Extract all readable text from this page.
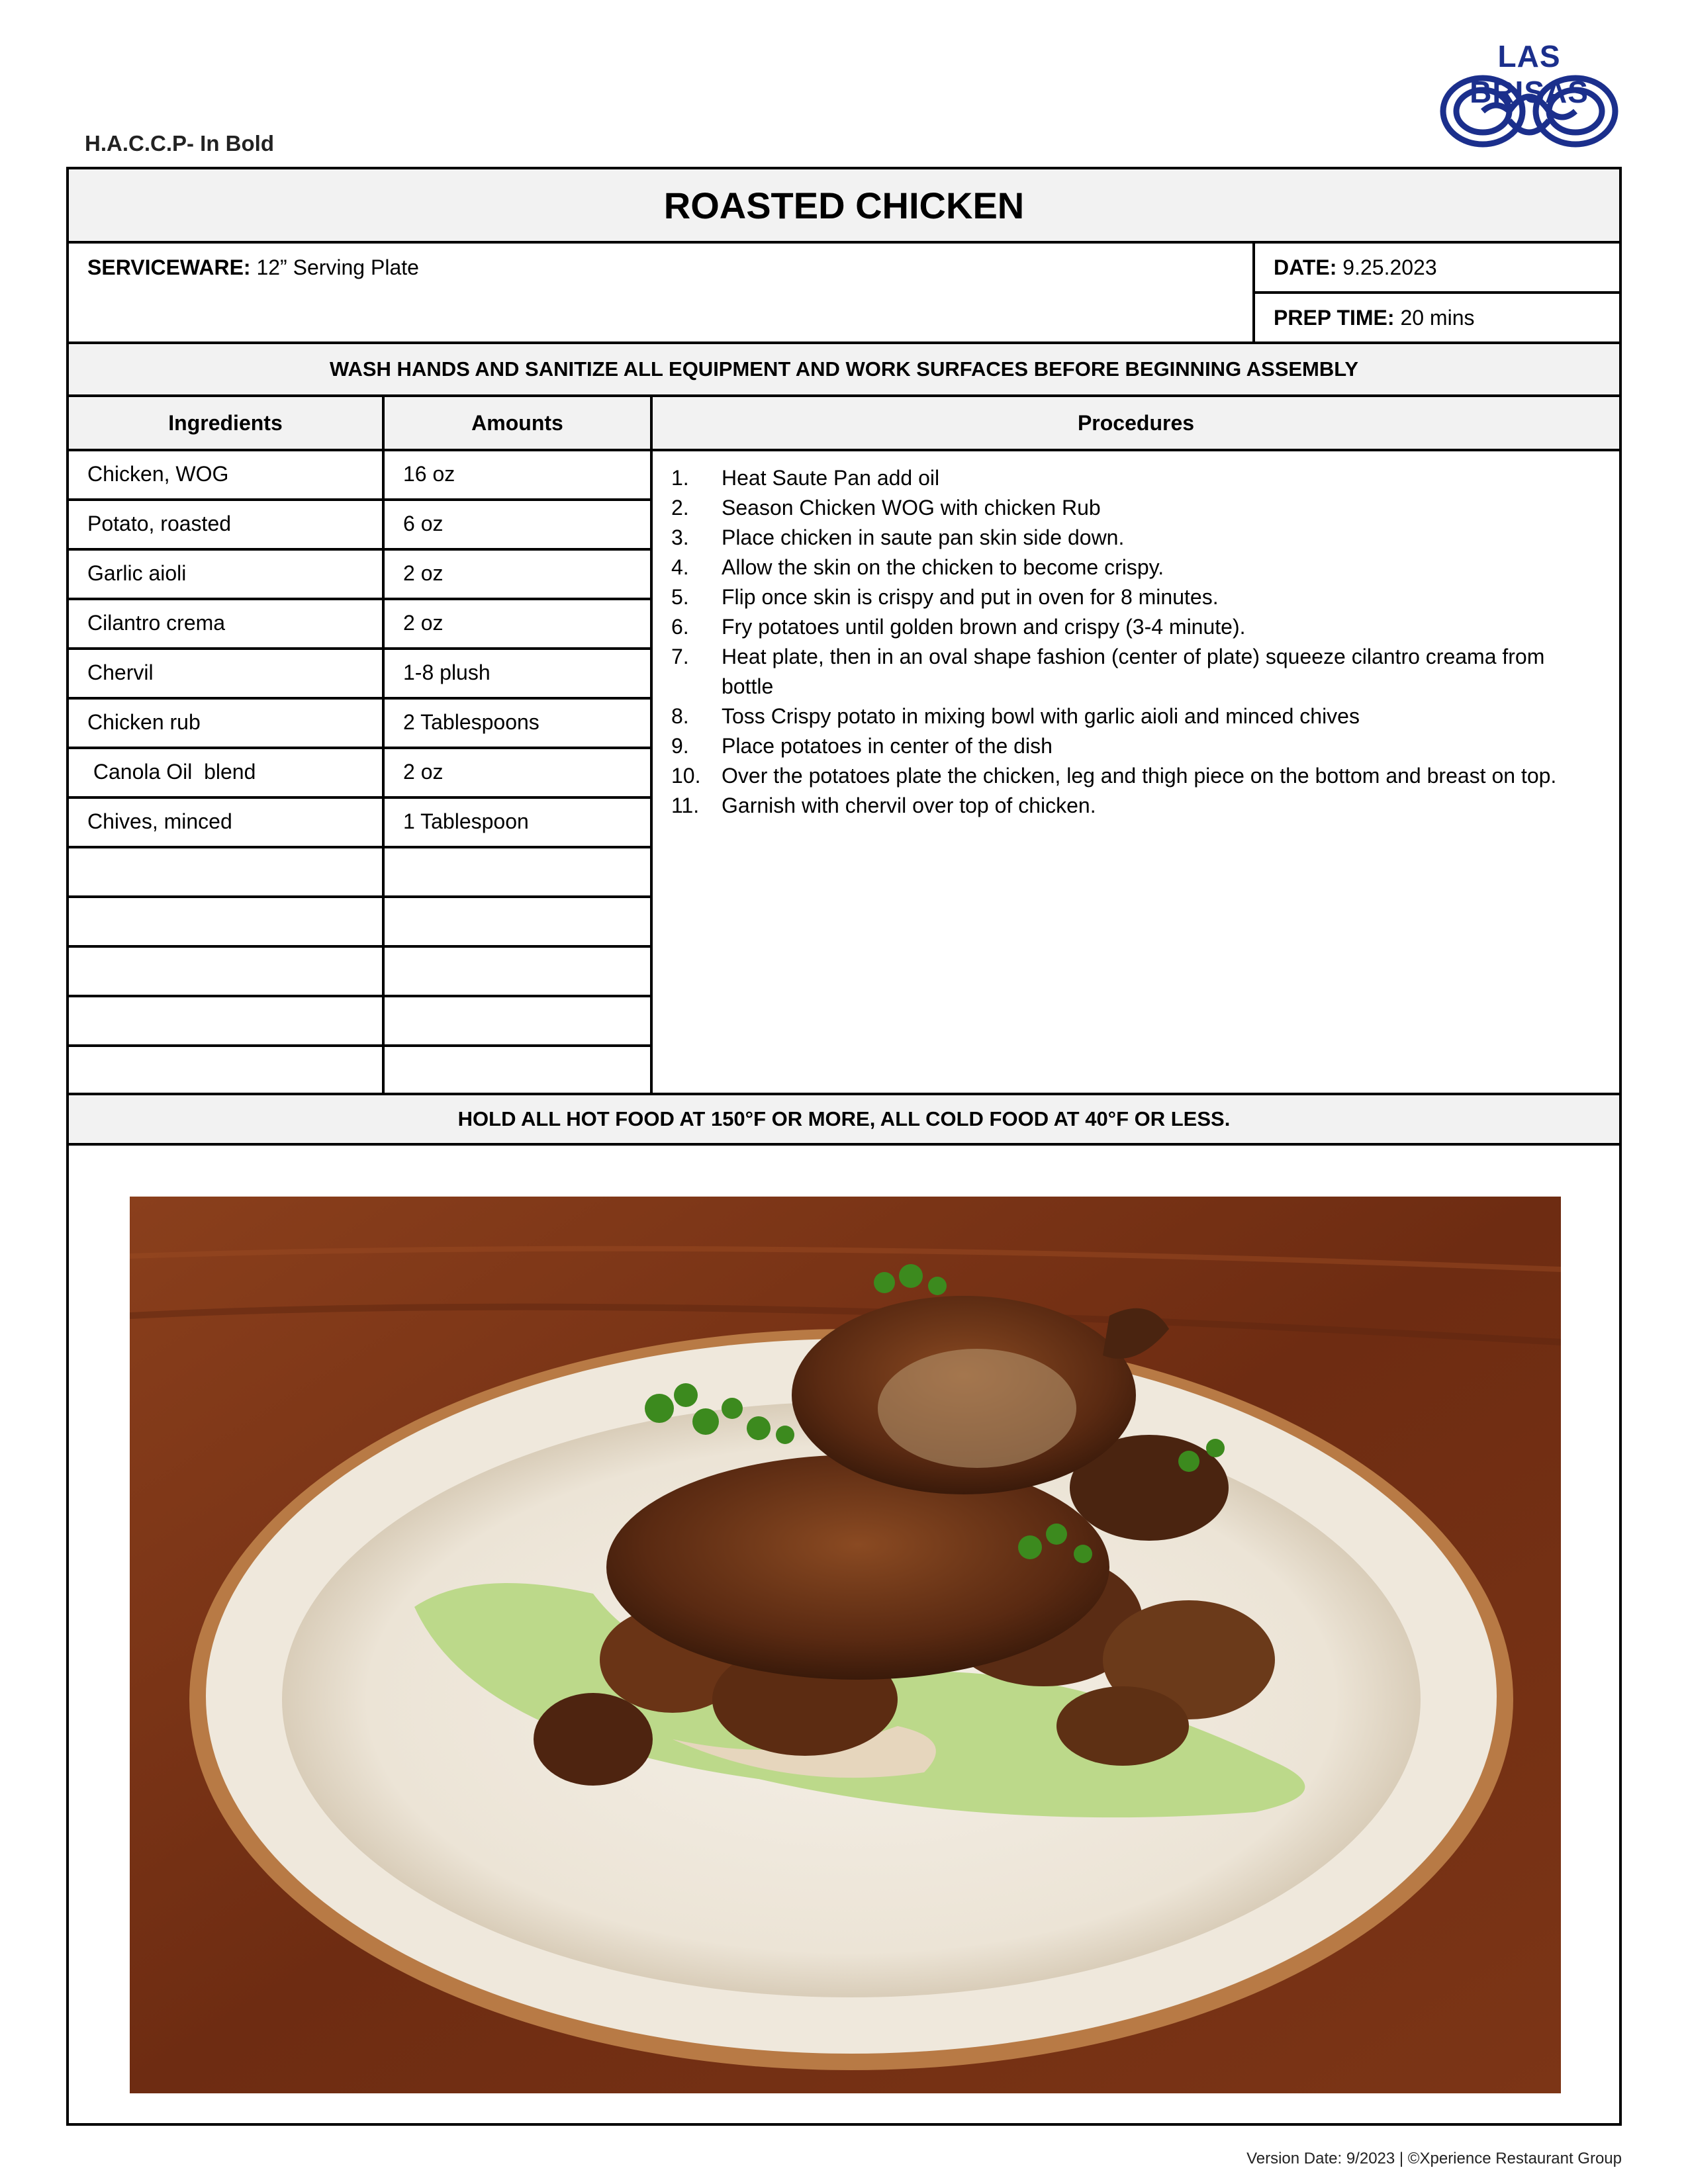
H.A.C.C.P- In Bold
LAS BRISAS
ROASTED CHICKEN
SERVICEWARE: 12” Serving Plate	DATE: 9.25.2023
PREP TIME: 20 mins
WASH HANDS AND SANITIZE ALL EQUIPMENT AND WORK SURFACES BEFORE BEGINNING ASSEMBLY
Ingredients	Amounts	Procedures
Chicken, WOG	16 oz
Potato, roasted	6 oz
Garlic aioli	2 oz
Cilantro crema	2 oz
Chervil	1-8 plush
Chicken rub	2 Tablespoons
Canola Oil  blend	2 oz
Chives, minced	1 Tablespoon
1.	Heat Saute Pan add oil
2.	Season Chicken WOG with chicken Rub
3.	Place chicken in saute pan skin side down.
4.	Allow the skin on the chicken to become crispy.
5.	Flip once skin is crispy and put in oven for 8 minutes.
6.	Fry potatoes until golden brown and crispy (3-4 minute).
7.	Heat plate, then in an oval shape fashion (center of plate) squeeze cilantro creama from bottle
8.	Toss Crispy potato in mixing bowl with garlic aioli and minced chives
9.	Place potatoes in center of the dish
10. Over the potatoes plate the chicken, leg and thigh piece on the bottom and breast on top.
11.	Garnish with chervil over top of chicken.
HOLD ALL HOT FOOD AT 150°F OR MORE, ALL COLD FOOD AT 40°F OR LESS.
Version Date: 9/2023 | ©Xperience Restaurant Group
